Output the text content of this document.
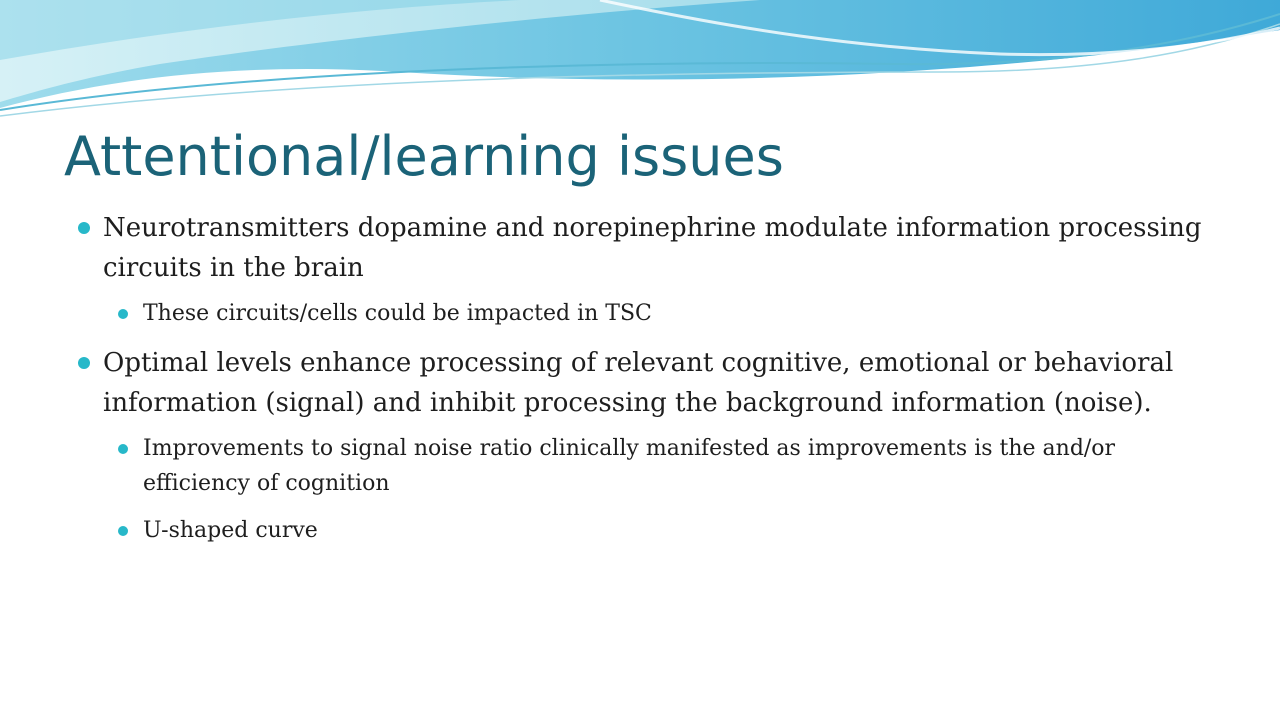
Attentional/learning issues
Neurotransmitters dopamine and norepinephrine modulate information processing circuits in the brain
These circuits/cells could be impacted in TSC
Optimal levels enhance processing of relevant cognitive, emotional or behavioral information (signal) and inhibit processing the background information (noise).
Improvements to signal noise ratio clinically manifested as improvements is the and/or efficiency of cognition
U-shaped curve
